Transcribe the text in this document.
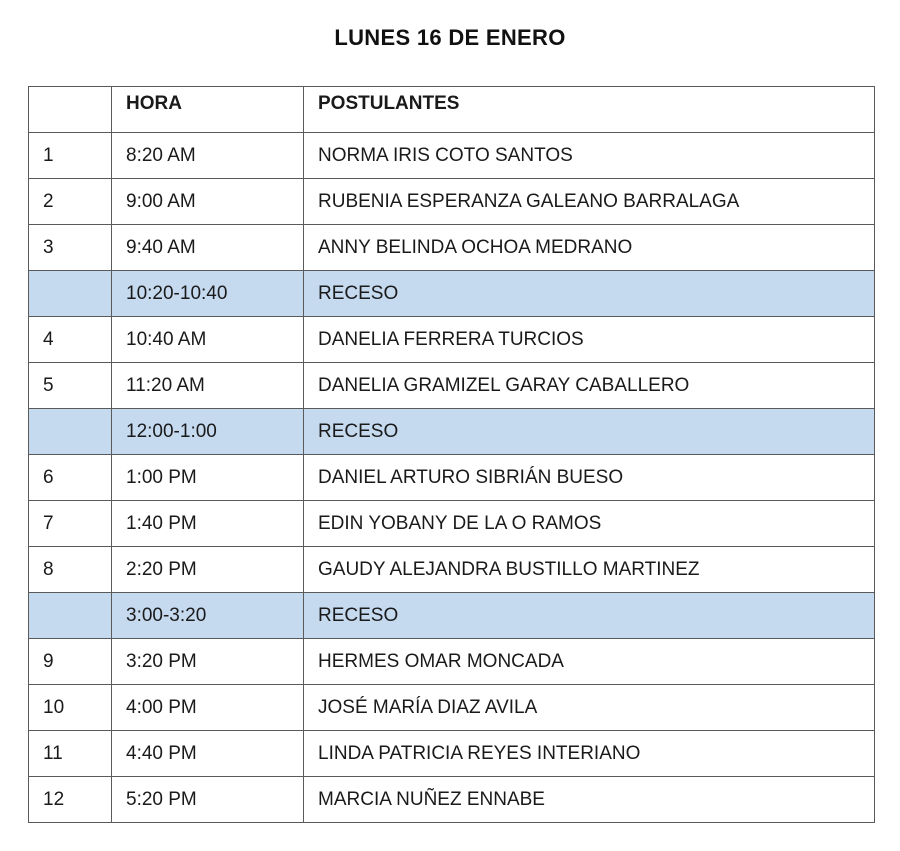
LUNES 16 DE ENERO
	HORA	POSTULANTES
1	8:20 AM	NORMA IRIS COTO SANTOS
2	9:00 AM	RUBENIA ESPERANZA GALEANO BARRALAGA
3	9:40 AM	ANNY BELINDA OCHOA MEDRANO
	10:20-10:40	RECESO
4	10:40 AM	DANELIA FERRERA TURCIOS
5	11:20 AM	DANELIA GRAMIZEL GARAY CABALLERO
	12:00-1:00	RECESO
6	1:00 PM	DANIEL ARTURO SIBRIÁN BUESO
7	1:40 PM	EDIN YOBANY DE LA O RAMOS
8	2:20 PM	GAUDY ALEJANDRA BUSTILLO MARTINEZ
	3:00-3:20	RECESO
9	3:20 PM	HERMES OMAR MONCADA
10	4:00 PM	JOSÉ MARÍA DIAZ AVILA
11	4:40 PM	LINDA PATRICIA REYES INTERIANO
12	5:20 PM	MARCIA NUÑEZ ENNABE
